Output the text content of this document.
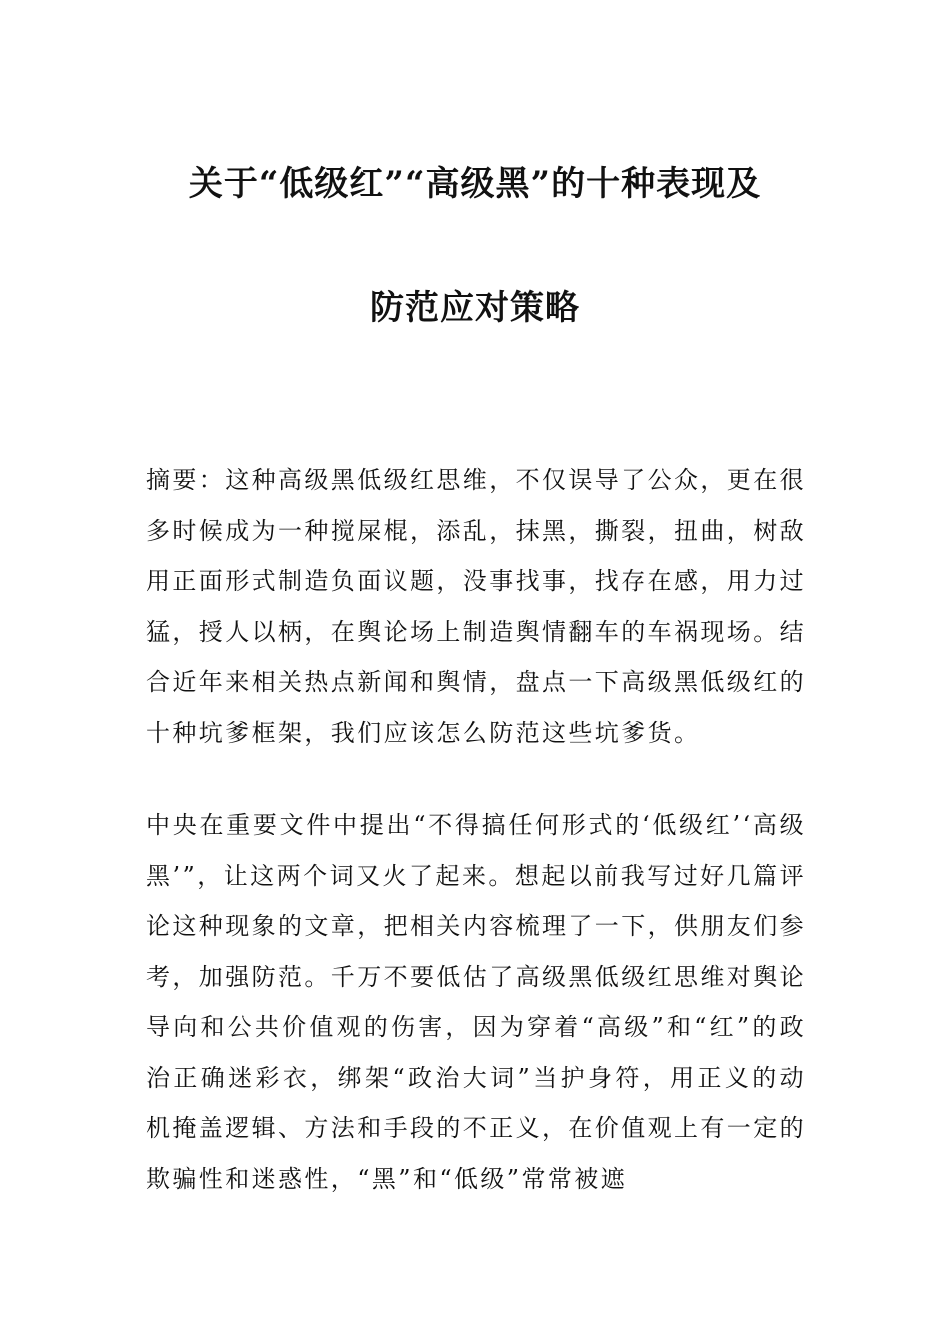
关于“低级红”“高级黑”的十种表现及
防范应对策略

摘要：这种高级黑低级红思维，不仅误导了公众，更在很多时候成为一种搅屎棍，添乱，抹黑，撕裂，扭曲，树敌用正面形式制造负面议题，没事找事，找存在感，用力过猛，授人以柄，在舆论场上制造舆情翻车的车祸现场。结合近年来相关热点新闻和舆情，盘点一下高级黑低级红的十种坑爹框架，我们应该怎么防范这些坑爹货。

中央在重要文件中提出“不得搞任何形式的‘低级红’‘高级黑’”，让这两个词又火了起来。想起以前我写过好几篇评论这种现象的文章，把相关内容梳理了一下，供朋友们参考，加强防范。千万不要低估了高级黑低级红思维对舆论导向和公共价值观的伤害，因为穿着“高级”和“红”的政治正确迷彩衣，绑架“政治大词”当护身符，用正义的动机掩盖逻辑、方法和手段的不正义，在价值观上有一定的欺骗性和迷惑性，“黑”和“低级”常常被遮
